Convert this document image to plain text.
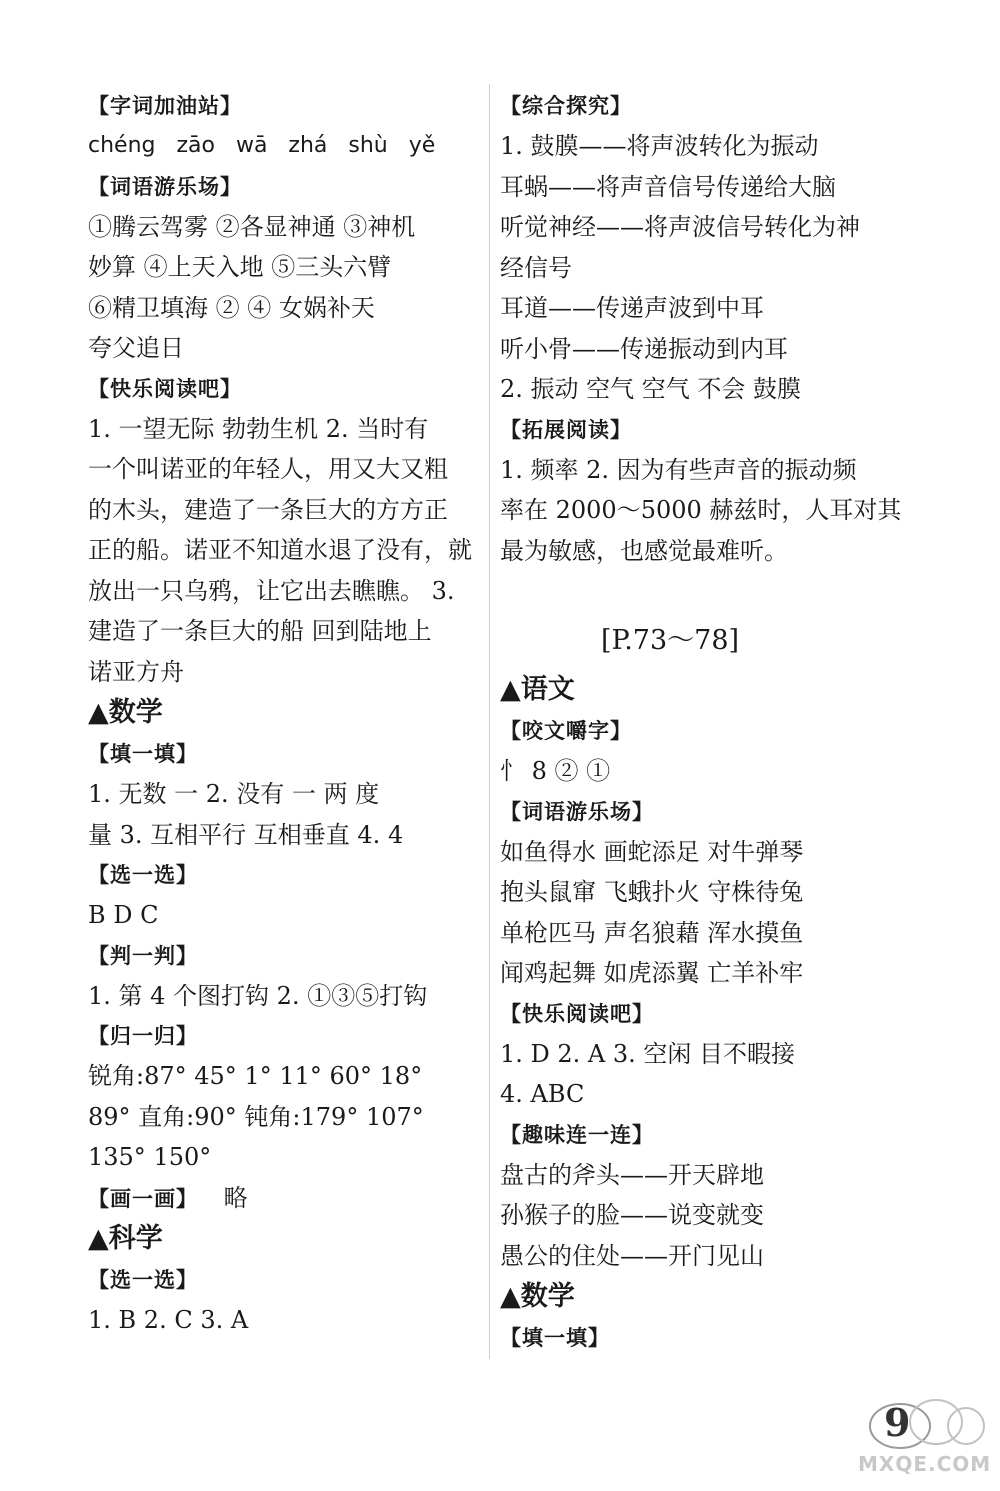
【字词加油站】
chéng zāo wā zhá shù yě
【词语游乐场】
①腾云驾雾 ②各显神通 ③神机
妙算 ④上天入地 ⑤三头六臂
⑥精卫填海 ② ④ 女娲补天
夸父追日
【快乐阅读吧】
1. 一望无际 勃勃生机 2. 当时有
一个叫诺亚的年轻人，用又大又粗
的木头，建造了一条巨大的方方正
正的船。诺亚不知道水退了没有，就
放出一只乌鸦，让它出去瞧瞧。 3.
建造了一条巨大的船 回到陆地上
诺亚方舟
▲数学
【填一填】
1. 无数 一 2. 没有 一 两 度
量 3. 互相平行 互相垂直 4. 4
【选一选】
B D C
【判一判】
1. 第 4 个图打钩 2. ①③⑤打钩
【归一归】
锐角:87° 45° 1° 11° 60° 18°
89° 直角:90° 钝角:179° 107°
135° 150°
【画一画】 略
▲科学
【选一选】
1. B 2. C 3. A
【综合探究】
1. 鼓膜——将声波转化为振动
耳蜗——将声音信号传递给大脑
听觉神经——将声波信号转化为神
经信号
耳道——传递声波到中耳
听小骨——传递振动到内耳
2. 振动 空气 空气 不会 鼓膜
【拓展阅读】
1. 频率 2. 因为有些声音的振动频
率在 2000～5000 赫兹时，人耳对其
最为敏感，也感觉最难听。
[P.73～78]
▲语文
【咬文嚼字】
忄 8 ② ①
【词语游乐场】
如鱼得水 画蛇添足 对牛弹琴
抱头鼠窜 飞蛾扑火 守株待兔
单枪匹马 声名狼藉 浑水摸鱼
闻鸡起舞 如虎添翼 亡羊补牢
【快乐阅读吧】
1. D 2. A 3. 空闲 目不暇接
4. ABC
【趣味连一连】
盘古的斧头——开天辟地
孙猴子的脸——说变就变
愚公的住处——开门见山
▲数学
【填一填】
9
MXQE.COM
